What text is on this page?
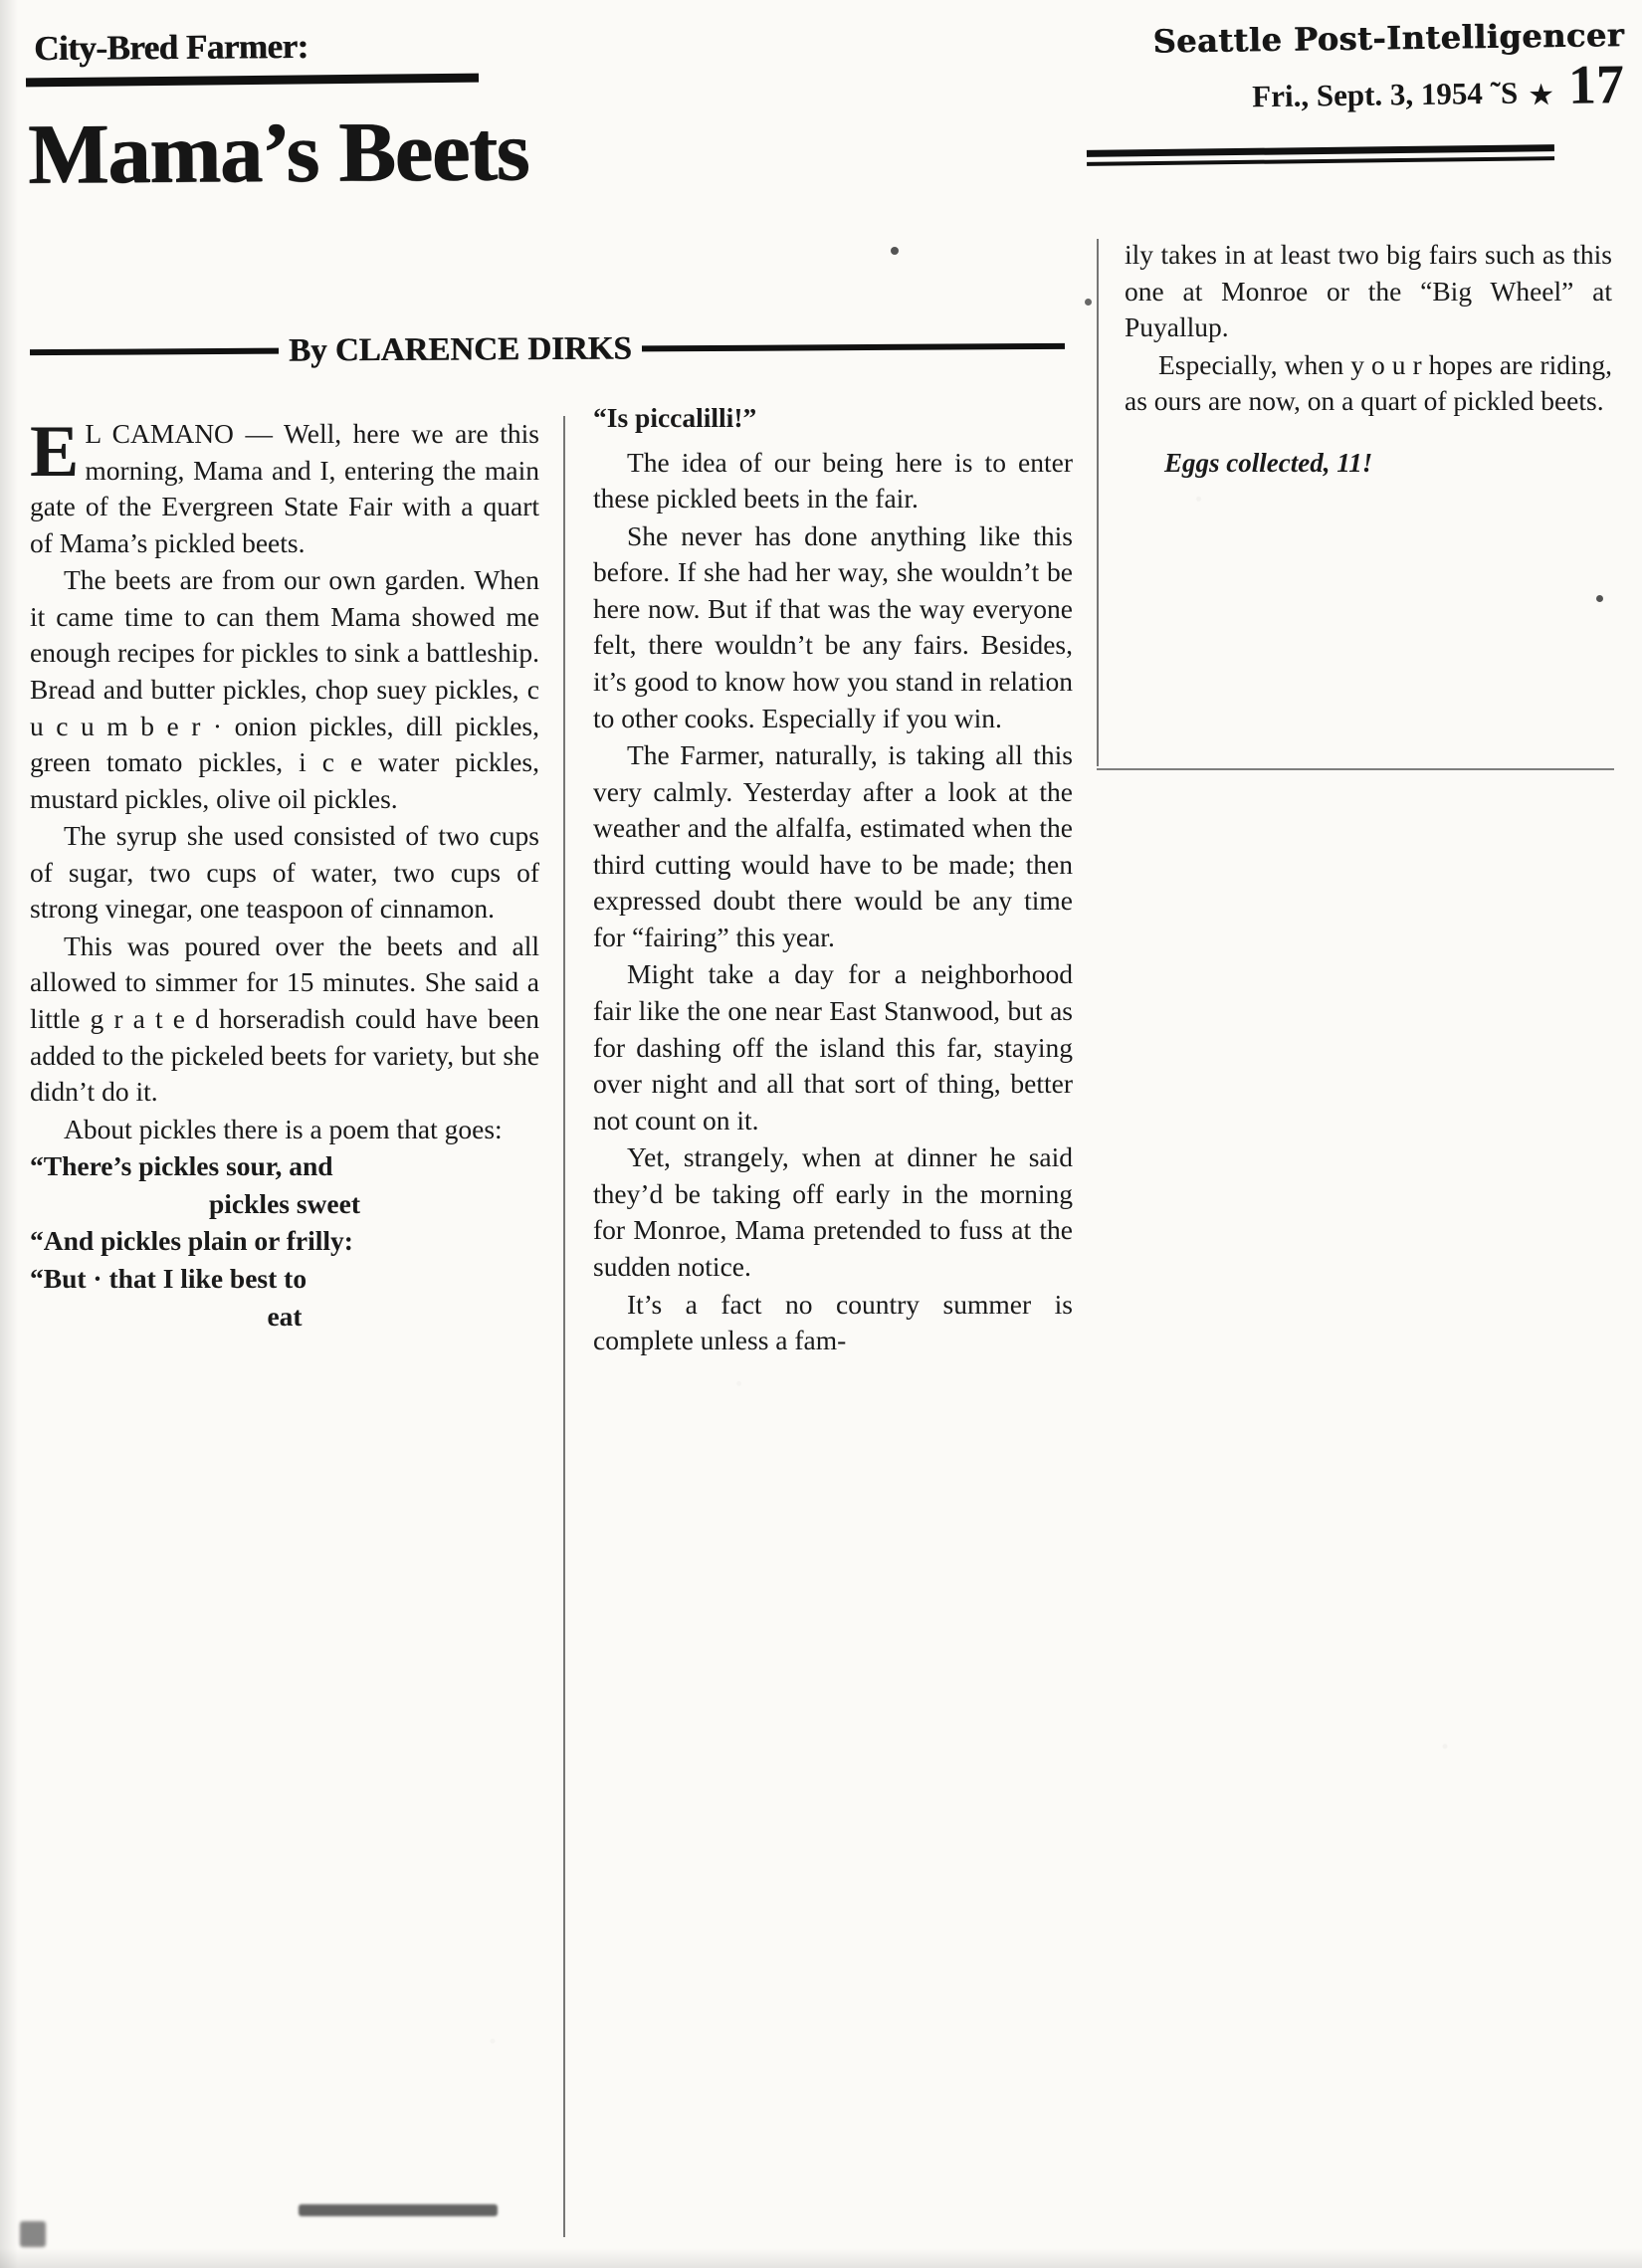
City-Bred Farmer:
Mama’s Beets
By CLARENCE DIRKS
Seattle Post-Intelligencer
Fri., Sept. 3, 1954 ˜S ★ 17

E L CAMANO — Well, here we are this morning, Mama and I, entering the main gate of the Evergreen State Fair with a quart of Mama’s pickled beets.

The beets are from our own garden. When it came time to can them Mama showed me enough recipes for pickles to sink a battleship. Bread and butter pickles, chop suey pickles, c u c u m b e r · onion pickles, dill pickles, green tomato pickles, i c e water pickles, mustard pickles, olive oil pickles.

The syrup she used consisted of two cups of sugar, two cups of water, two cups of strong vinegar, one teaspoon of cinnamon.

This was poured over the beets and all allowed to simmer for 15 minutes. She said a little g r a t e d horseradish could have been added to the pickeled beets for variety, but she didn’t do it.

About pickles there is a poem that goes:

“There’s pickles sour, and

pickles sweet

“And pickles plain or frilly:

“But · that I like best to

eat

“Is piccalilli!”

The idea of our being here is to enter these pickled beets in the fair.

She never has done anything like this before. If she had her way, she wouldn’t be here now. But if that was the way everyone felt, there wouldn’t be any fairs. Besides, it’s good to know how you stand in relation to other cooks. Especially if you win.

The Farmer, naturally, is taking all this very calmly. Yesterday after a look at the weather and the alfalfa, estimated when the third cutting would have to be made; then expressed doubt there would be any time for “fairing” this year.

Might take a day for a neighborhood fair like the one near East Stanwood, but as for dashing off the island this far, staying over night and all that sort of thing, better not count on it.

Yet, strangely, when at dinner he said they’d be taking off early in the morning for Monroe, Mama pretended to fuss at the sudden notice.

It’s a fact no country summer is complete unless a fam-

ily takes in at least two big fairs such as this one at Monroe or the “Big Wheel” at Puyallup.

Especially, when y o u r hopes are riding, as ours are now, on a quart of pickled beets.

Eggs collected, 11!
